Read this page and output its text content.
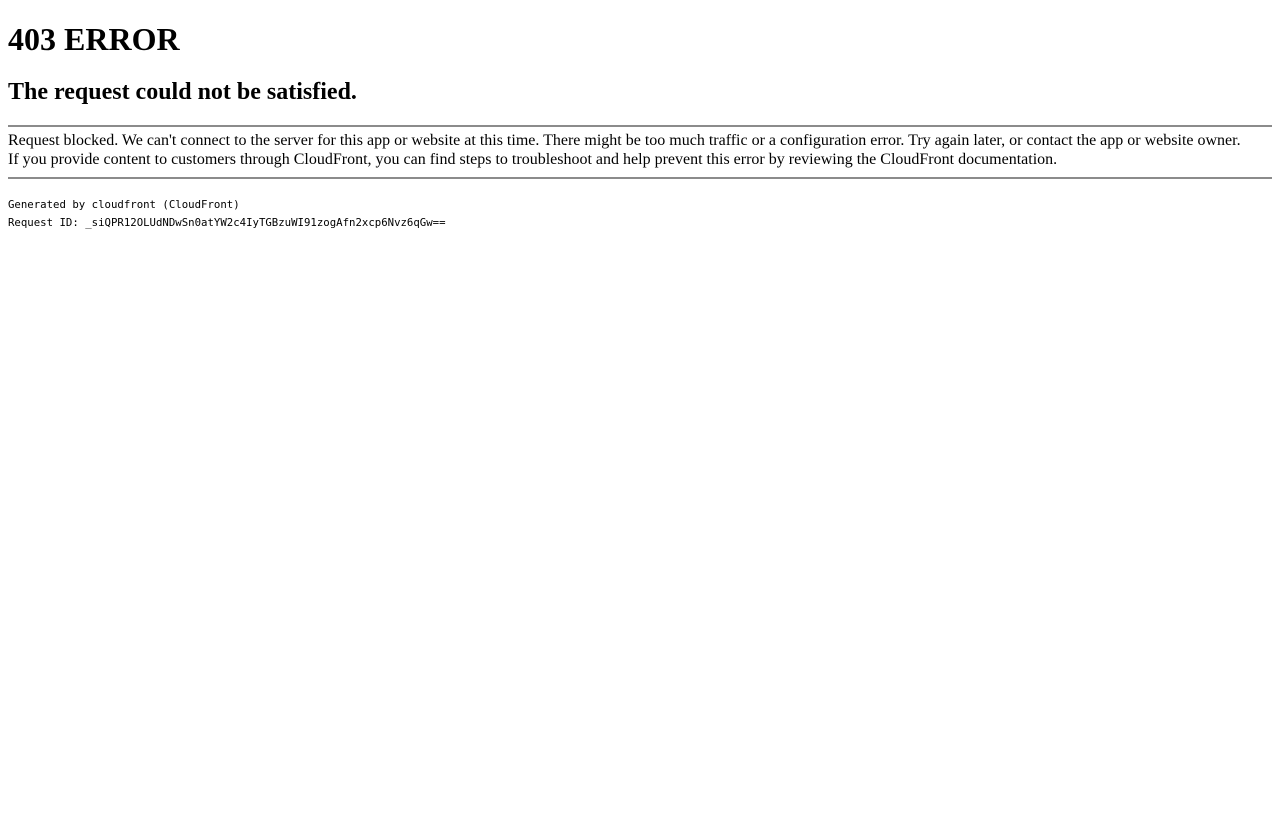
403 ERROR
The request could not be satisfied.
Request blocked. We can't connect to the server for this app or website at this time. There might be too much traffic or a configuration error. Try again later, or contact the app or website owner.
If you provide content to customers through CloudFront, you can find steps to troubleshoot and help prevent this error by reviewing the CloudFront documentation.
Generated by cloudfront (CloudFront)
Request ID: _siQPR12OLUdNDwSn0atYW2c4IyTGBzuWI91zogAfn2xcp6Nvz6qGw==
